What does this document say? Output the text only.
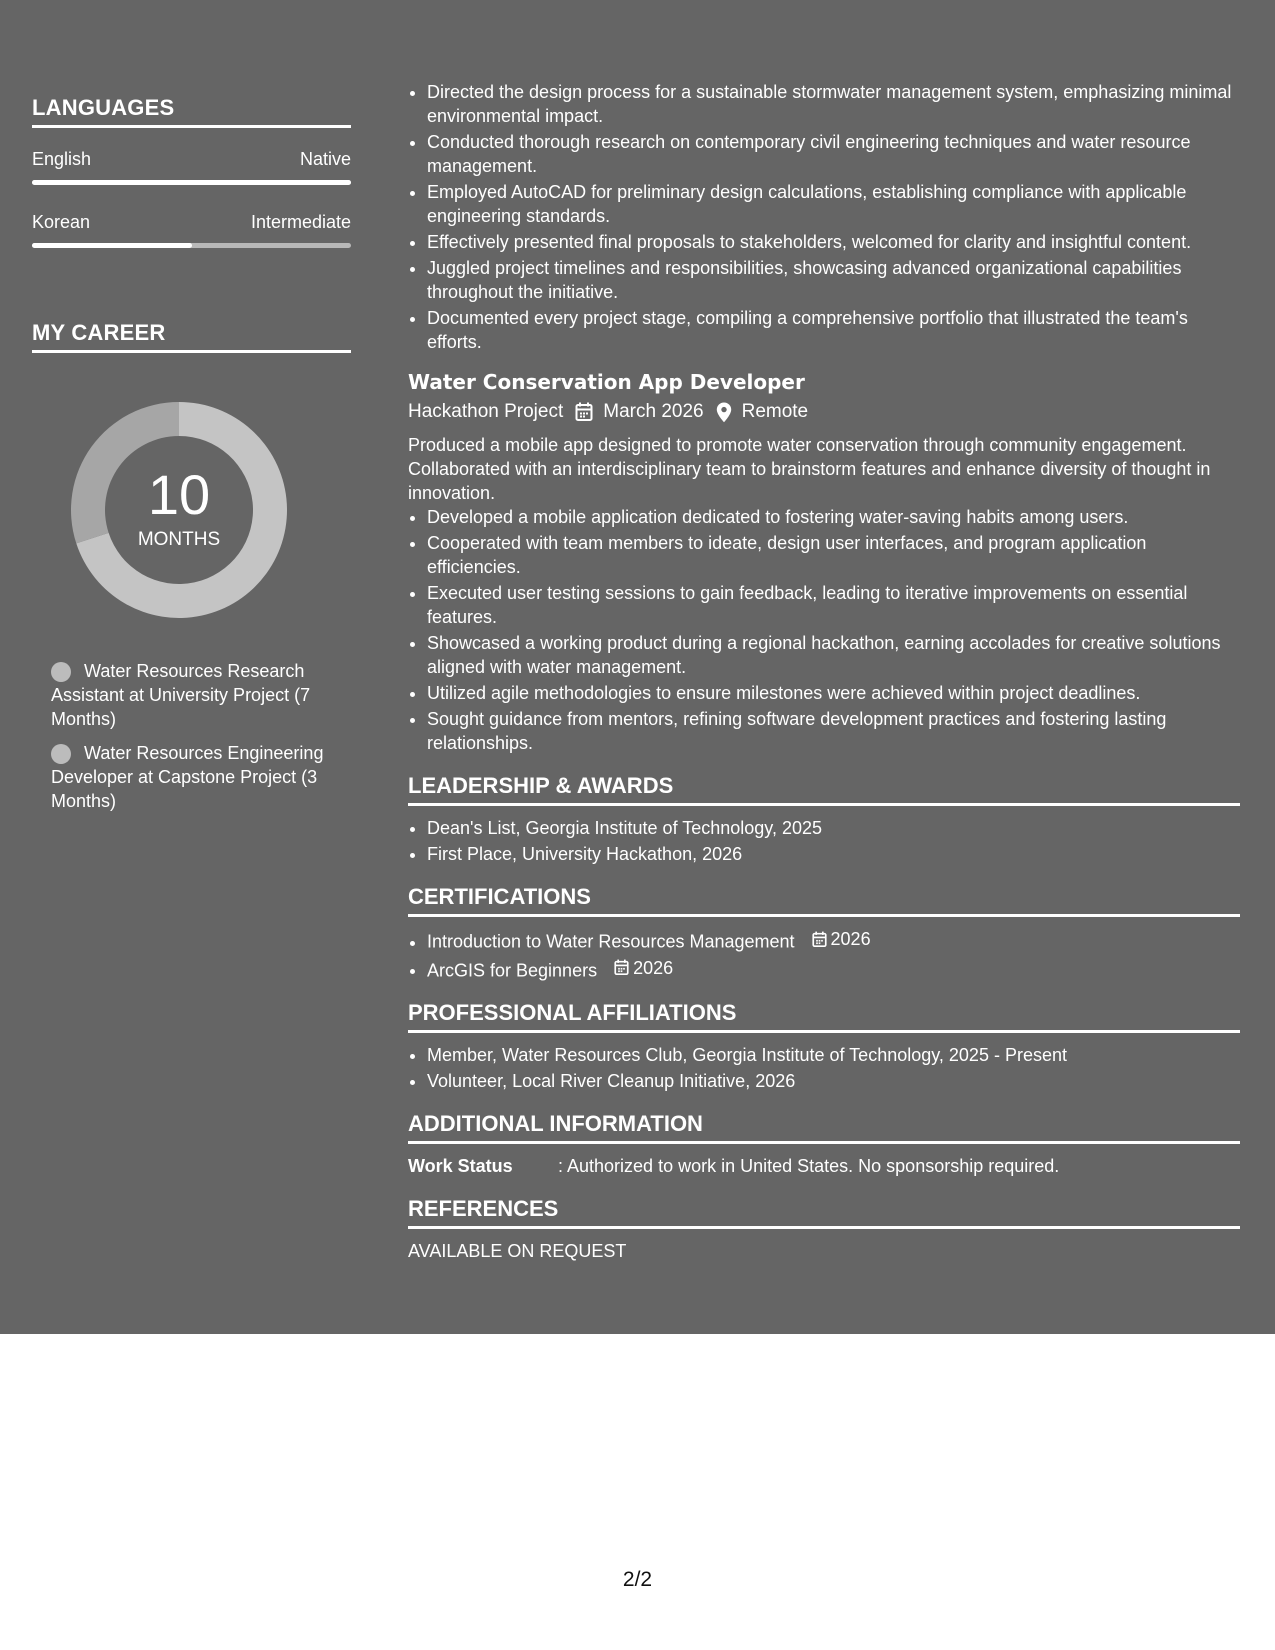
LANGUAGES
English	Native
Korean	Intermediate
MY CAREER
10
MONTHS
Water Resources Research Assistant at University Project (7 Months)
Water Resources Engineering Developer at Capstone Project (3 Months)
• Directed the design process for a sustainable stormwater management system, emphasizing minimal environmental impact.
• Conducted thorough research on contemporary civil engineering techniques and water resource management.
• Employed AutoCAD for preliminary design calculations, establishing compliance with applicable engineering standards.
• Effectively presented final proposals to stakeholders, welcomed for clarity and insightful content.
• Juggled project timelines and responsibilities, showcasing advanced organizational capabilities throughout the initiative.
• Documented every project stage, compiling a comprehensive portfolio that illustrated the team's efforts.
Water Conservation App Developer
Hackathon Project March 2026 Remote
Produced a mobile app designed to promote water conservation through community engagement. Collaborated with an interdisciplinary team to brainstorm features and enhance diversity of thought in innovation.
• Developed a mobile application dedicated to fostering water-saving habits among users.
• Cooperated with team members to ideate, design user interfaces, and program application efficiencies.
• Executed user testing sessions to gain feedback, leading to iterative improvements on essential features.
• Showcased a working product during a regional hackathon, earning accolades for creative solutions aligned with water management.
• Utilized agile methodologies to ensure milestones were achieved within project deadlines.
• Sought guidance from mentors, refining software development practices and fostering lasting relationships.
LEADERSHIP & AWARDS
• Dean's List, Georgia Institute of Technology, 2025
• First Place, University Hackathon, 2026
CERTIFICATIONS
• Introduction to Water Resources Management 2026
• ArcGIS for Beginners 2026
PROFESSIONAL AFFILIATIONS
• Member, Water Resources Club, Georgia Institute of Technology, 2025 - Present
• Volunteer, Local River Cleanup Initiative, 2026
ADDITIONAL INFORMATION
Work Status	: Authorized to work in United States. No sponsorship required.
REFERENCES
AVAILABLE ON REQUEST
2/2
